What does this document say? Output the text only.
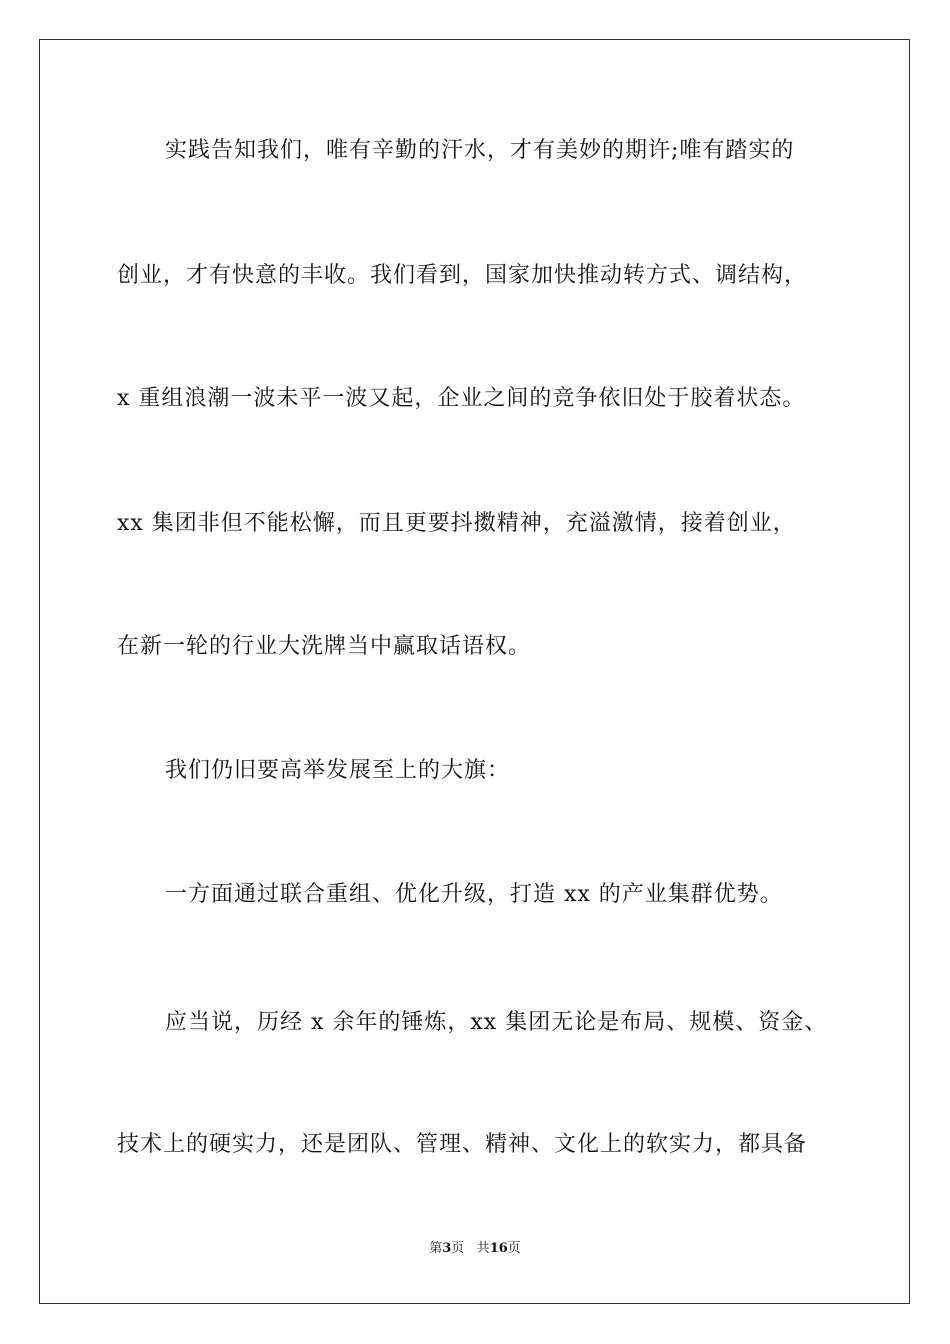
实践告知我们，唯有辛勤的汗水，才有美妙的期许;唯有踏实的
创业，才有快意的丰收。我们看到，国家加快推动转方式、调结构，
x 重组浪潮一波未平一波又起，企业之间的竞争依旧处于胶着状态。
xx 集团非但不能松懈，而且更要抖擞精神，充溢激情，接着创业，
在新一轮的行业大洗牌当中赢取话语权。
我们仍旧要高举发展至上的大旗：
一方面通过联合重组、优化升级，打造 xx 的产业集群优势。
应当说，历经 x 余年的锤炼，xx 集团无论是布局、规模、资金、
技术上的硬实力，还是团队、管理、精神、文化上的软实力，都具备
第3页 共16页
